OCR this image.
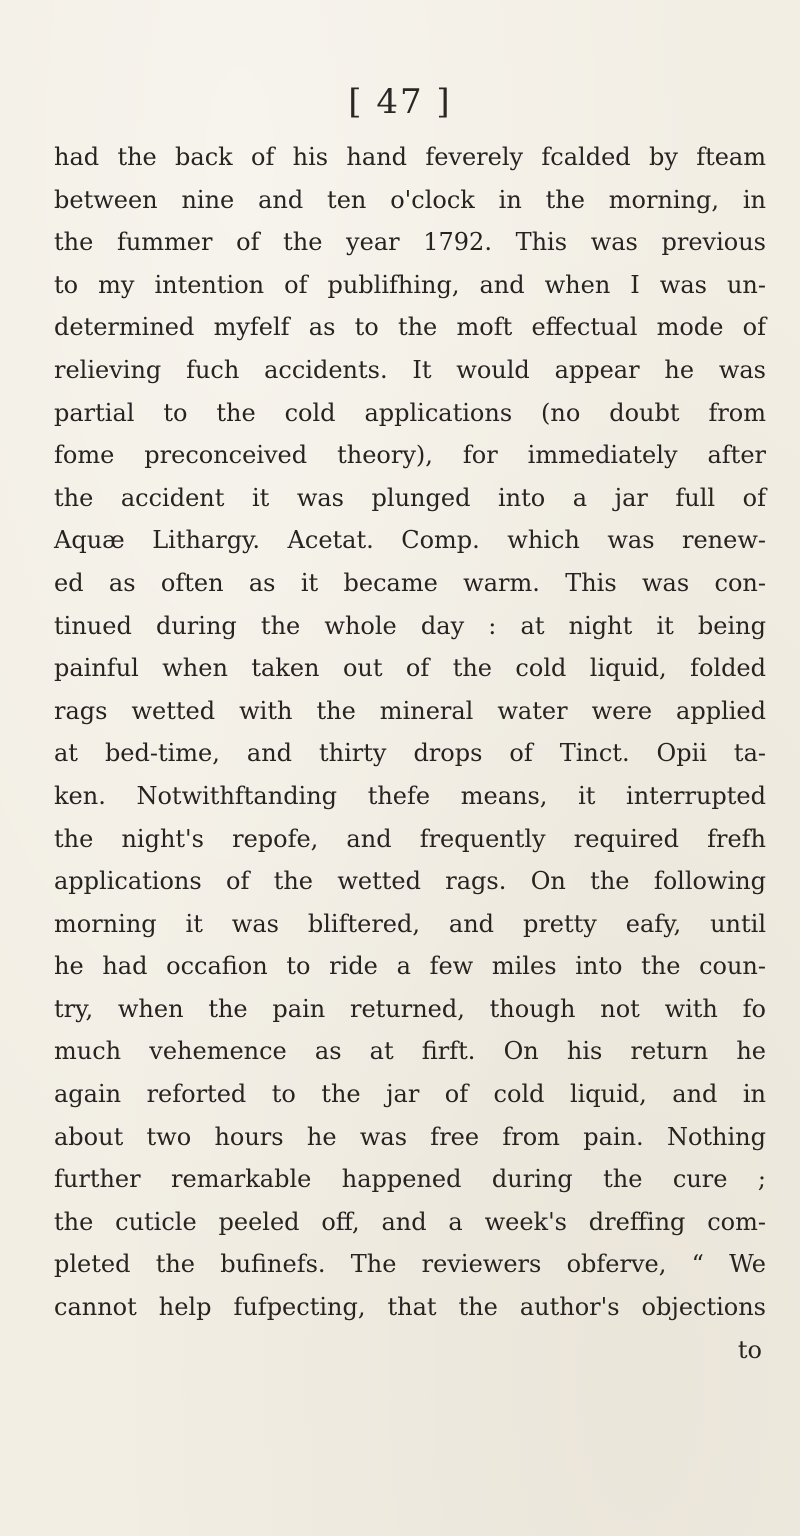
[ 47 ]
had the back of his hand feverely fcalded by fteam
between nine and ten o'clock in the morning, in
the fummer of the year 1792. This was previous
to my intention of publifhing, and when I was un-
determined myfelf as to the moft effectual mode of
relieving fuch accidents. It would appear he was
partial to the cold applications (no doubt from
fome preconceived theory), for immediately after
the accident it was plunged into a jar full of
Aquæ Lithargy. Acetat. Comp. which was renew-
ed as often as it became warm. This was con-
tinued during the whole day : at night it being
painful when taken out of the cold liquid, folded
rags wetted with the mineral water were applied
at bed-time, and thirty drops of Tinct. Opii ta-
ken. Notwithftanding thefe means, it interrupted
the night's repofe, and frequently required frefh
applications of the wetted rags. On the following
morning it was bliftered, and pretty eafy, until
he had occafion to ride a few miles into the coun-
try, when the pain returned, though not with fo
much vehemence as at firft. On his return he
again reforted to the jar of cold liquid, and in
about two hours he was free from pain. Nothing
further remarkable happened during the cure ;
the cuticle peeled off, and a week's dreffing com-
pleted the bufinefs. The reviewers obferve, “ We
cannot help fufpecting, that the author's objections
to
